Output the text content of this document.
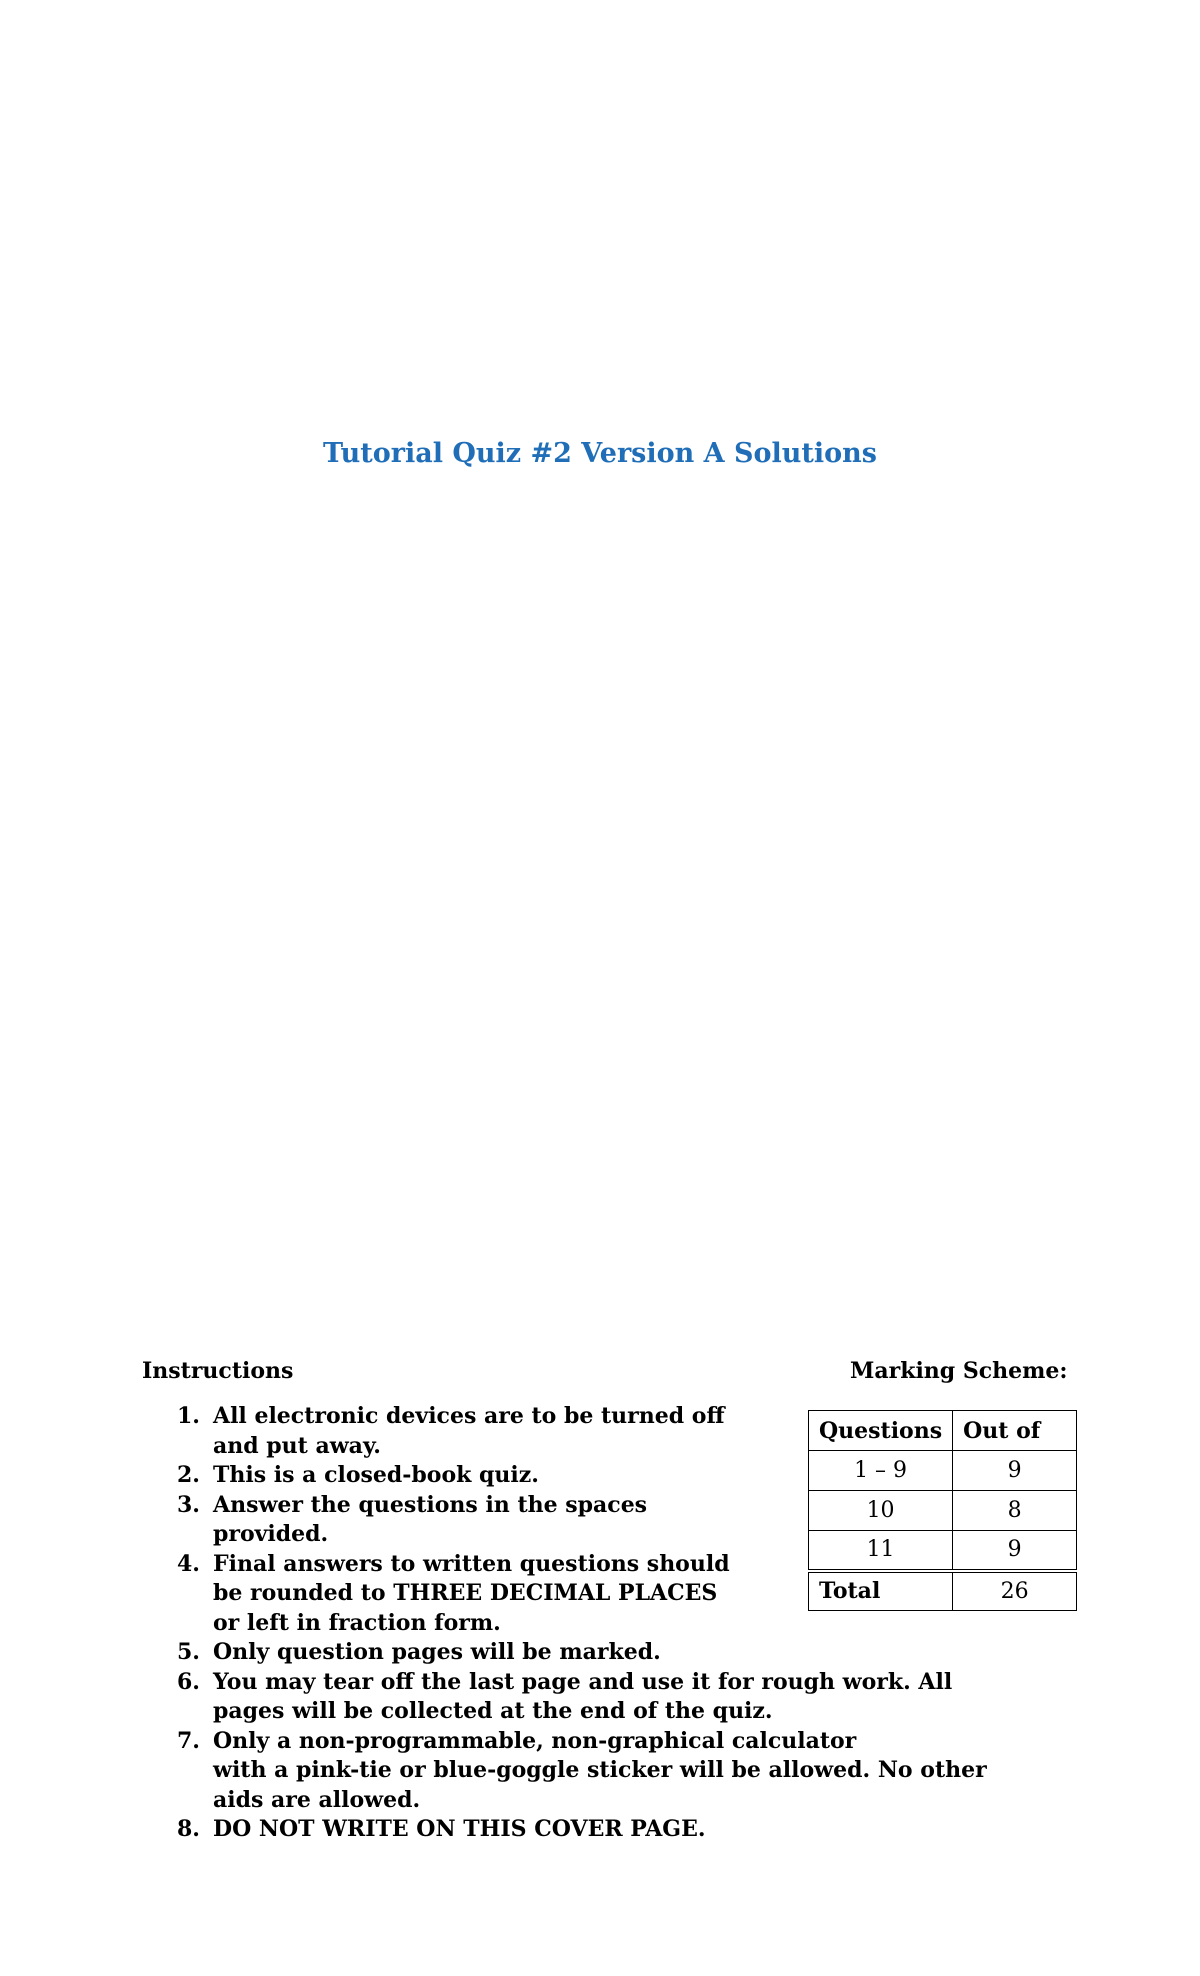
Tutorial Quiz #2 Version A Solutions
Instructions	Marking Scheme:
1. All electronic devices are to be turned off and put away.
2. This is a closed-book quiz.
3. Answer the questions in the spaces provided.
4. Final answers to written questions should be rounded to THREE DECIMAL PLACES or left in fraction form.
5. Only question pages will be marked.
6. You may tear off the last page and use it for rough work. All pages will be collected at the end of the quiz.
7. Only a non-programmable, non-graphical calculator
with a pink-tie or blue-goggle sticker will be allowed. No other aids are allowed.
8. DO NOT WRITE ON THIS COVER PAGE.
Questions	Out of
1 – 9	9
10	8
11	9
Total	26
